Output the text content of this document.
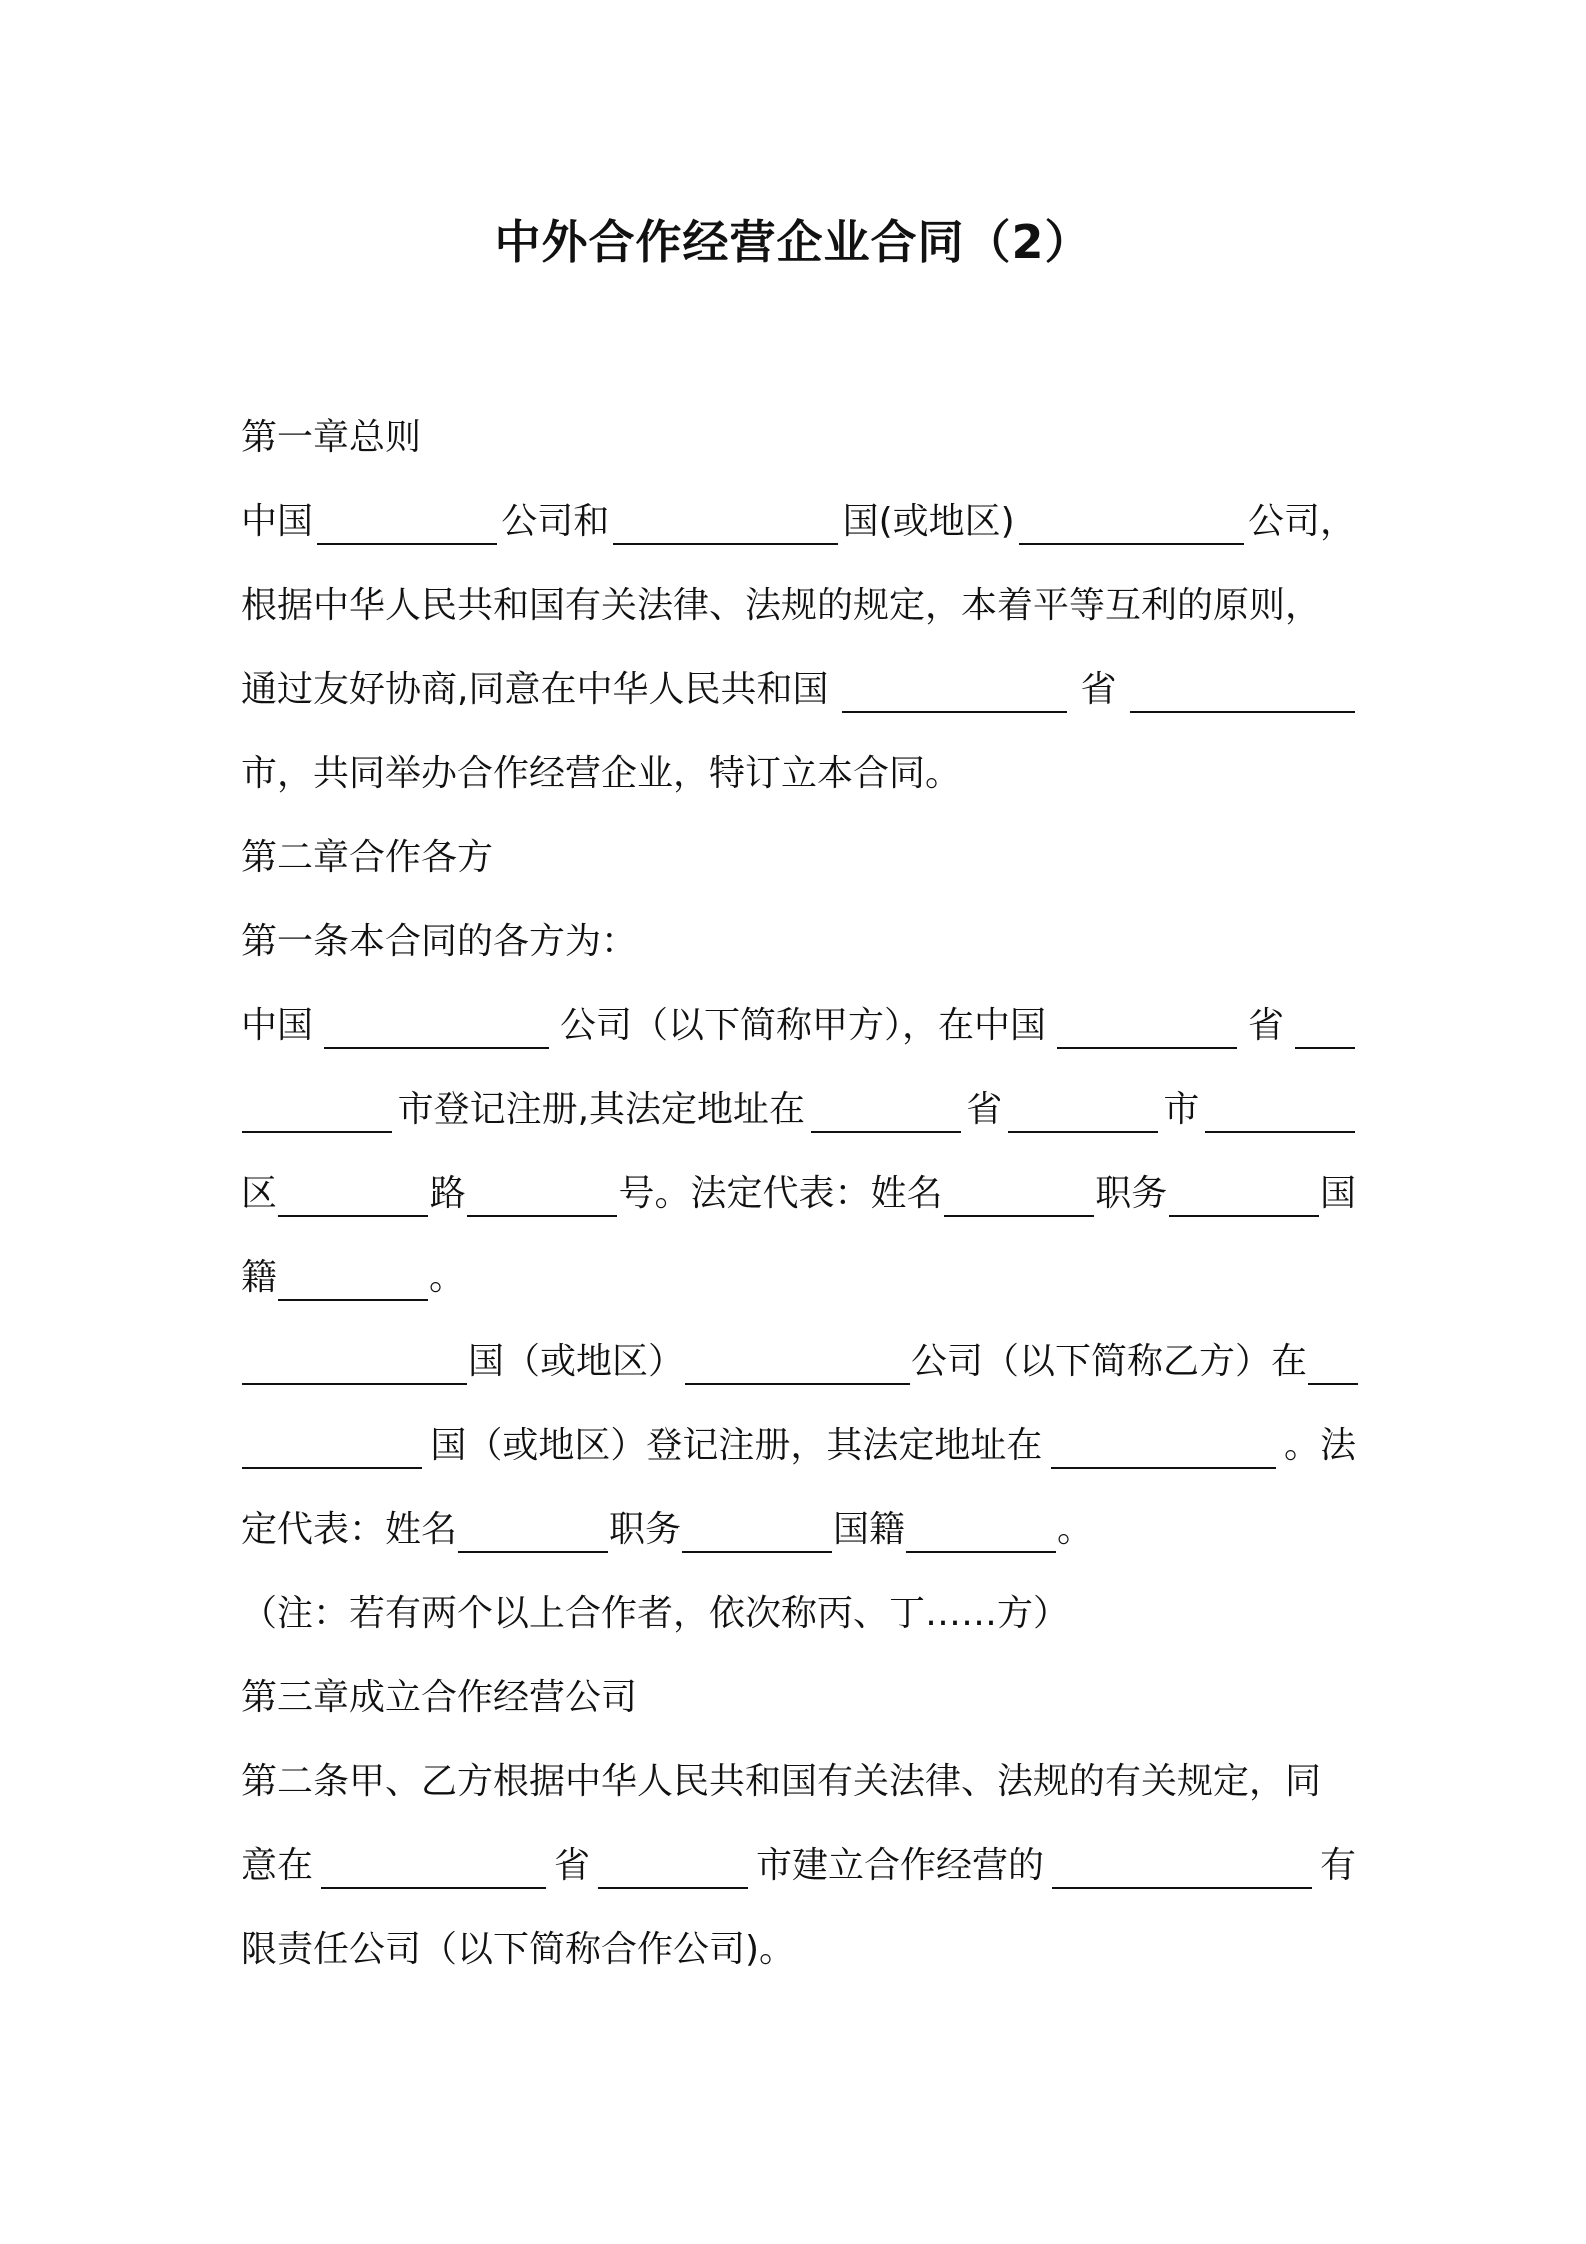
中外合作经营企业合同（2）
第一章总则
中国	公司和	国(或地区)	公司，
根据中华人民共和国有关法律、法规的规定，本着平等互利的原则，
通过友好协商,同意在中华人民共和国	省
市，共同举办合作经营企业，特订立本合同。
第二章合作各方
第一条本合同的各方为：
中国	公司（以下简称甲方），在中国	省
市登记注册,其法定地址在	省	市
区	路	号。法定代表：姓名	职务	国
籍	。
国（或地区）	公司（以下简称乙方）在
国（或地区）登记注册，其法定地址在	。法
定代表：姓名	职务	国籍	。
（注：若有两个以上合作者，依次称丙、丁……方）
第三章成立合作经营公司
第二条甲、乙方根据中华人民共和国有关法律、法规的有关规定，同
意在	省	市建立合作经营的	有
限责任公司（以下简称合作公司)。
